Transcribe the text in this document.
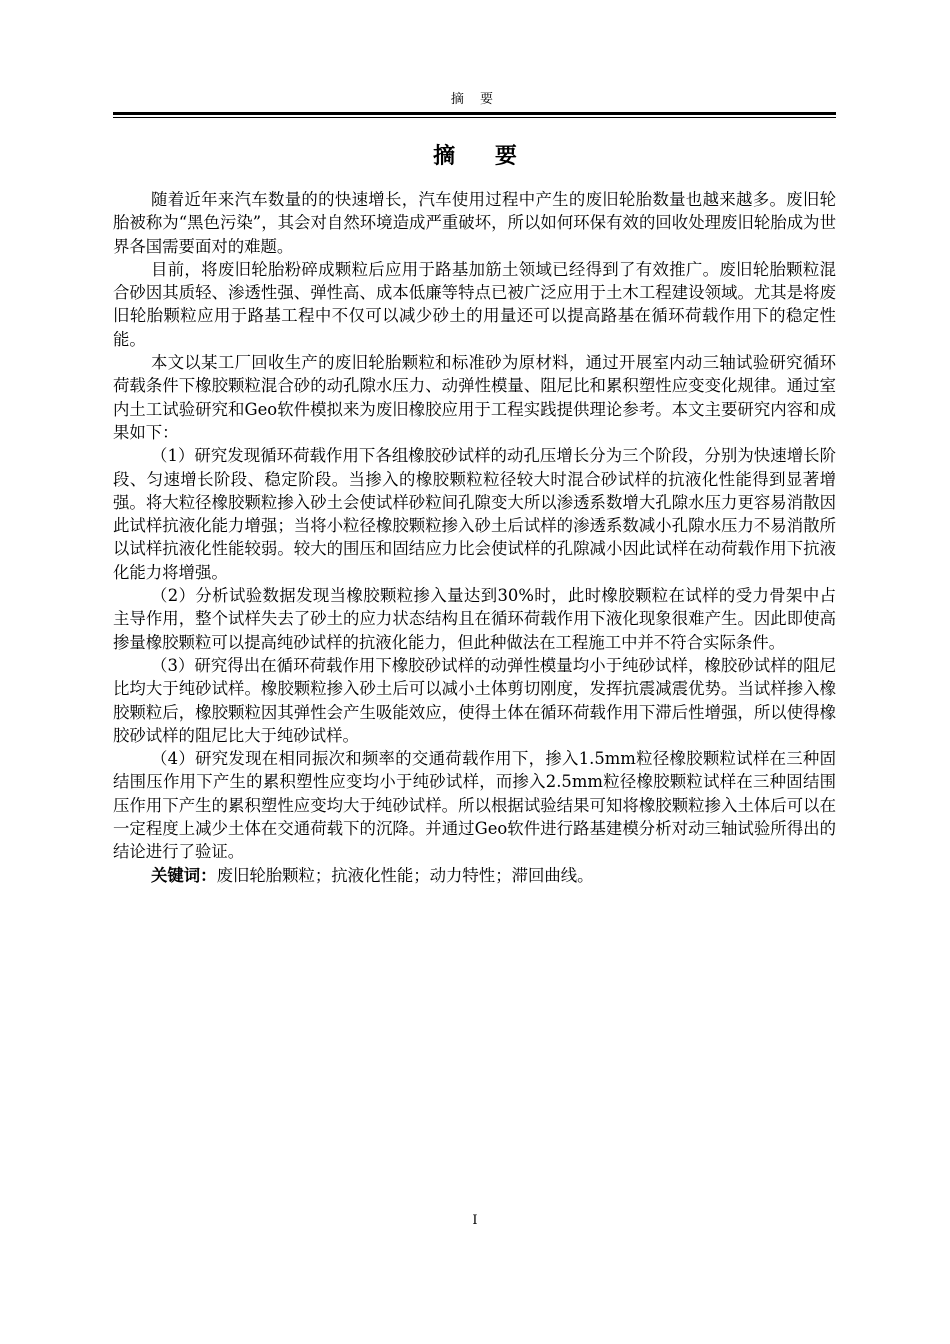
摘 要
摘 要

随着近年来汽车数量的的快速增长，汽车使用过程中产生的废旧轮胎数量也越来越多。废旧轮胎被称为“黑色污染”，其会对自然环境造成严重破坏，所以如何环保有效的回收处理废旧轮胎成为世界各国需要面对的难题。

目前，将废旧轮胎粉碎成颗粒后应用于路基加筋土领域已经得到了有效推广。废旧轮胎颗粒混合砂因其质轻、渗透性强、弹性高、成本低廉等特点已被广泛应用于土木工程建设领域。尤其是将废旧轮胎颗粒应用于路基工程中不仅可以减少砂土的用量还可以提高路基在循环荷载作用下的稳定性能。

本文以某工厂回收生产的废旧轮胎颗粒和标准砂为原材料，通过开展室内动三轴试验研究循环荷载条件下橡胶颗粒混合砂的动孔隙水压力、动弹性模量、阻尼比和累积塑性应变变化规律。通过室内土工试验研究和Geo软件模拟来为废旧橡胶应用于工程实践提供理论参考。本文主要研究内容和成果如下：

（1）研究发现循环荷载作用下各组橡胶砂试样的动孔压增长分为三个阶段，分别为快速增长阶段、匀速增长阶段、稳定阶段。当掺入的橡胶颗粒粒径较大时混合砂试样的抗液化性能得到显著增强。将大粒径橡胶颗粒掺入砂土会使试样砂粒间孔隙变大所以渗透系数增大孔隙水压力更容易消散因此试样抗液化能力增强；当将小粒径橡胶颗粒掺入砂土后试样的渗透系数减小孔隙水压力不易消散所以试样抗液化性能较弱。较大的围压和固结应力比会使试样的孔隙减小因此试样在动荷载作用下抗液化能力将增强。

（2）分析试验数据发现当橡胶颗粒掺入量达到30%时，此时橡胶颗粒在试样的受力骨架中占主导作用，整个试样失去了砂土的应力状态结构且在循环荷载作用下液化现象很难产生。因此即使高掺量橡胶颗粒可以提高纯砂试样的抗液化能力，但此种做法在工程施工中并不符合实际条件。

（3）研究得出在循环荷载作用下橡胶砂试样的动弹性模量均小于纯砂试样，橡胶砂试样的阻尼比均大于纯砂试样。橡胶颗粒掺入砂土后可以减小土体剪切刚度，发挥抗震减震优势。当试样掺入橡胶颗粒后，橡胶颗粒因其弹性会产生吸能效应，使得土体在循环荷载作用下滞后性增强，所以使得橡胶砂试样的阻尼比大于纯砂试样。

（4）研究发现在相同振次和频率的交通荷载作用下，掺入1.5mm粒径橡胶颗粒试样在三种固结围压作用下产生的累积塑性应变均小于纯砂试样，而掺入2.5mm粒径橡胶颗粒试样在三种固结围压作用下产生的累积塑性应变均大于纯砂试样。所以根据试验结果可知将橡胶颗粒掺入土体后可以在一定程度上减少土体在交通荷载下的沉降。并通过Geo软件进行路基建模分析对动三轴试验所得出的结论进行了验证。

关键词：废旧轮胎颗粒；抗液化性能；动力特性；滞回曲线。

I
